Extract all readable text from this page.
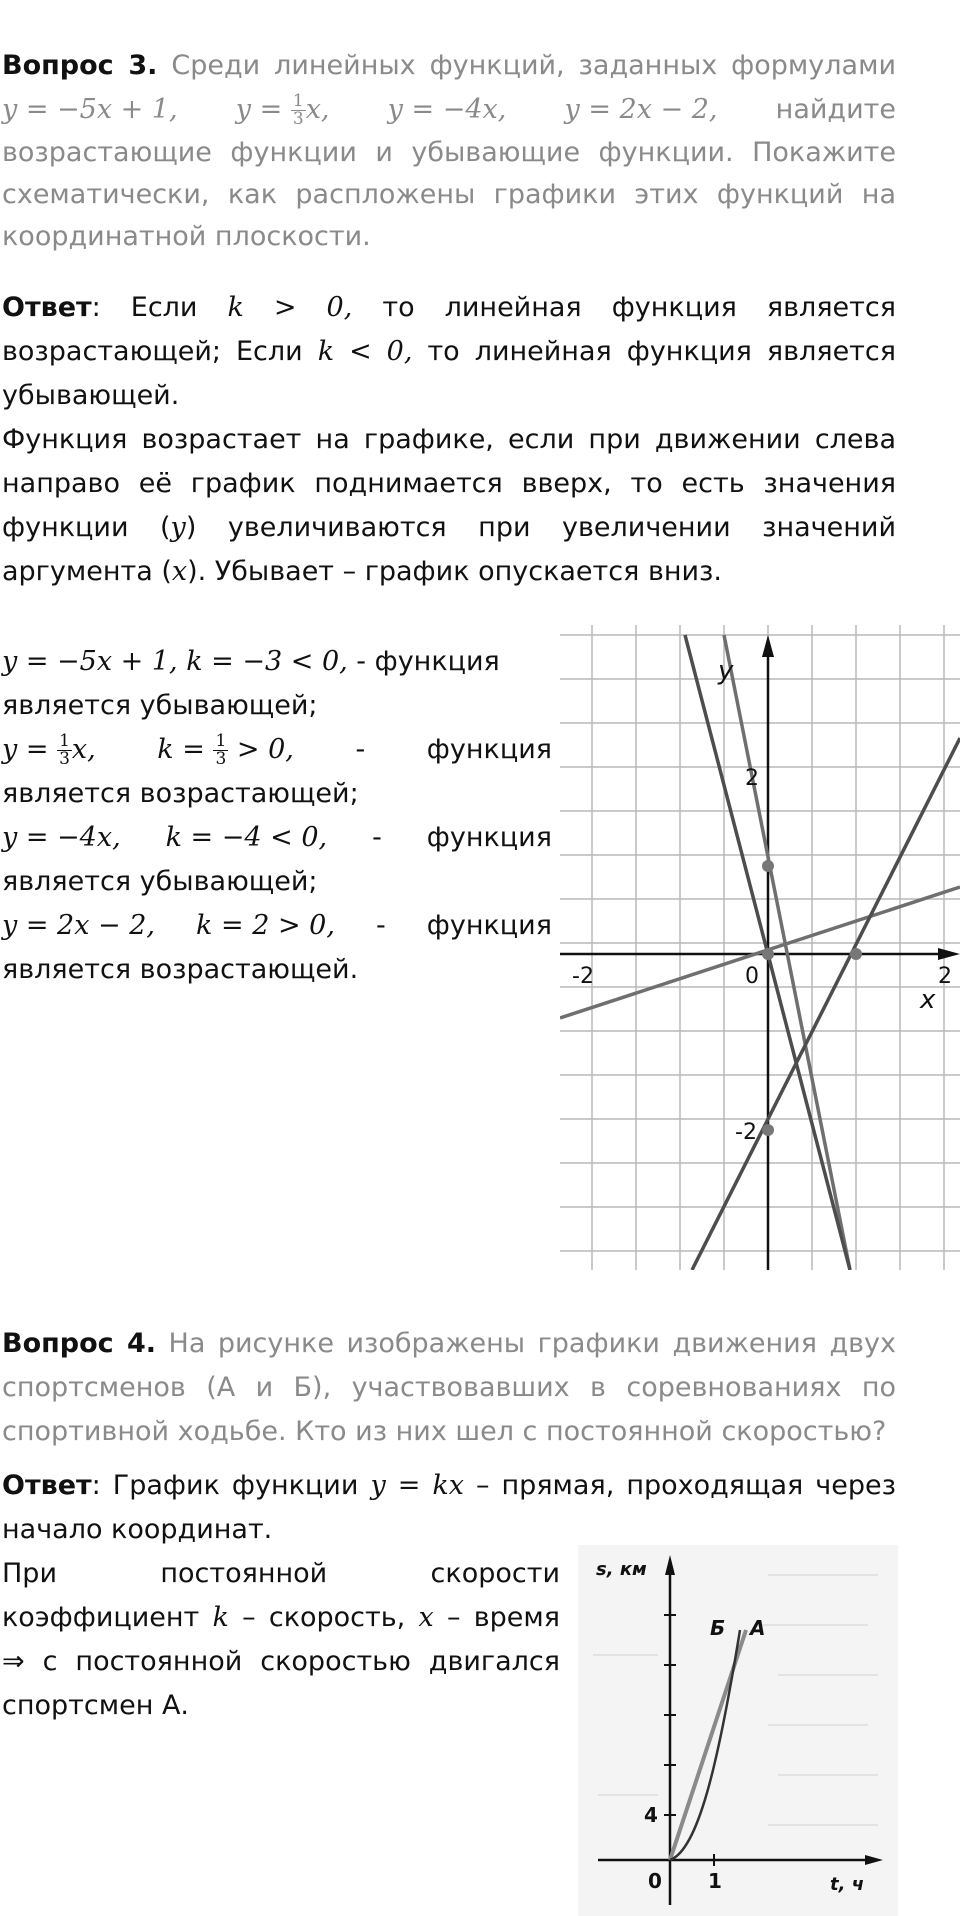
Вопрос 3. Среди линейных функций, заданных формулами
y = −5x + 1, $y = \frac{1}{3} x$, y = −4x, y = 2x − 2, найдите
возрастающие функции и убывающие функции. Покажите схематически, как распложены графики этих функций на координатной плоскости.
Ответ: Если k > 0, то линейная функция является возрастающей; Если k < 0, то линейная функция является убывающей.
Функция возрастает на графике, если при движении слева направо её график поднимается вверх, то есть значения функции (y) увеличиваются при увеличении значений аргумента (x). Убывает – график опускается вниз.
y = −5x + 1, k = −3 < 0, - функция
является убывающей;
$y = \frac{1}{3} x$, $k = \frac{1}{3} > 0$, - функция
является возрастающей;
y = −4x, k = −4 < 0, - функция
является убывающей;
y = 2x − 2, k = 2 > 0, - функция
является возрастающей.
y
x
2
-2
-2	2
0
Вопрос 4. На рисунке изображены графики движения двух спортсменов (А и Б), участвовавших в соревнованиях по спортивной ходьбе. Кто из них шел с постоянной скоростью?
Ответ: График функции y = kx – прямая, проходящая через начало координат.
При постоянной скорости коэффициент k – скорость, x – время ⇒ с постоянной скоростью двигался спортсмен А.
s, км
t, ч
Б А
4
1
0
